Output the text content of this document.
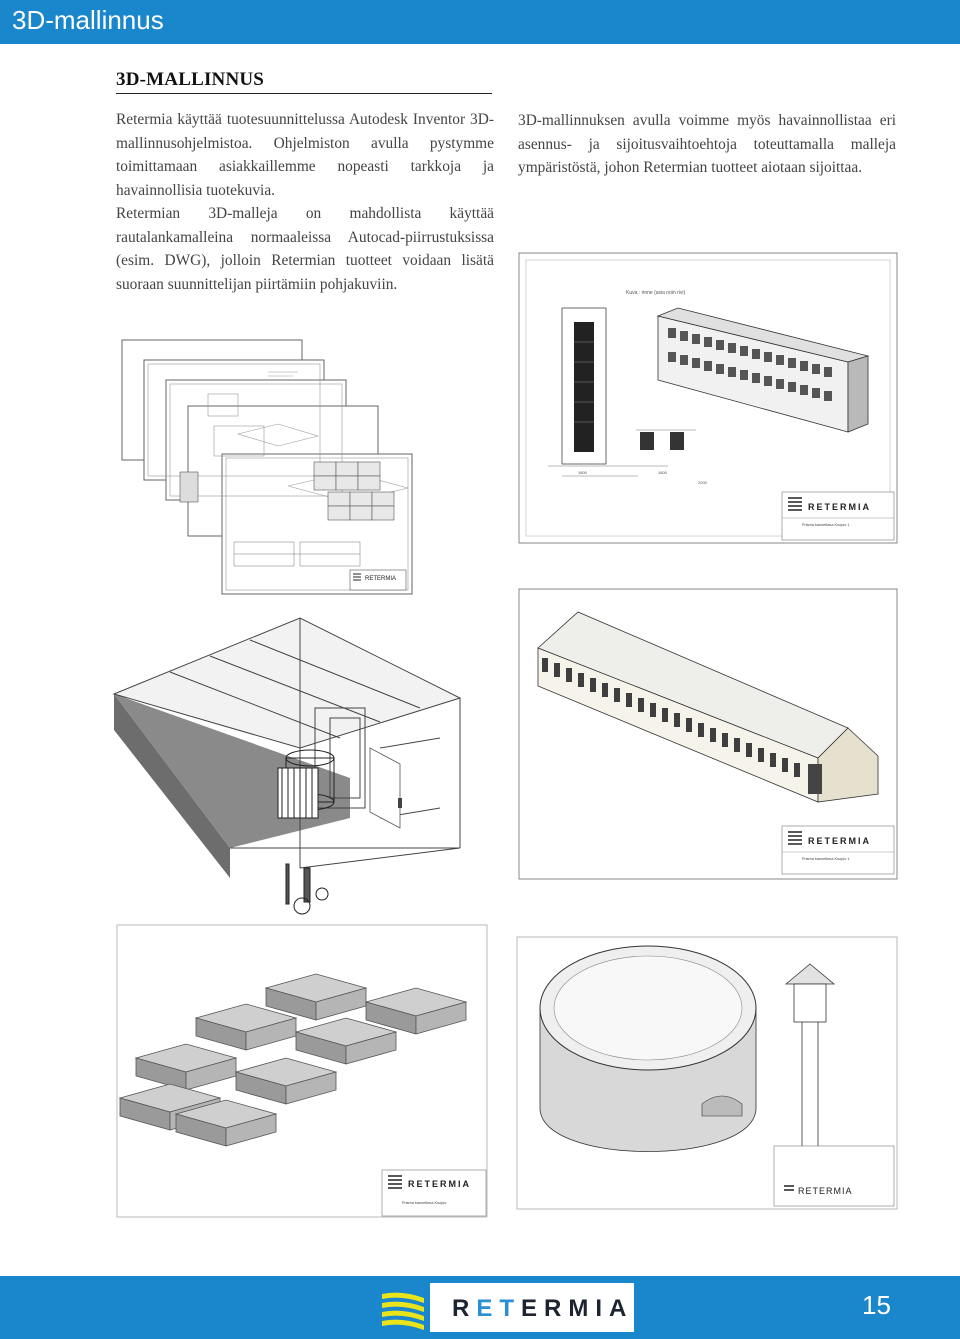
3D-mallinnus
3D-MALLINNUS

Retermia käyttää tuotesuunnittelussa Autodesk Inventor 3D-mallinnusohjelmistoa. Ohjelmiston avulla pystymme toimittamaan asiakkaillemme nopeasti tarkkoja ja havainnollisia tuotekuvia.

Retermian 3D-malleja on mahdollista käyttää rautalankamalleina normaaleissa Autocad-piirrustuksissa (esim. DWG), jolloin Retermian tuotteet voidaan lisätä suoraan suunnittelijan piirtämiin pohjakuviin.

3D-mallinnuksen avulla voimme myös havainnollistaa eri asennus- ja sijoitusvaihtoehtoja toteuttamalla malleja ympäristöstä, johon Retermian tuotteet aiotaan sijoittaa.

RETERMIA
Kuva : rinne (asia noin rivi)
1800	1800
2000
RETERMIA
Prisma kannettava Kuopio 1
RETERMIA
Prisma kannettava Kuopio 1
RETERMIA
Prisma kannettava Kuopio
RETERMIA
RETERMIA	15
